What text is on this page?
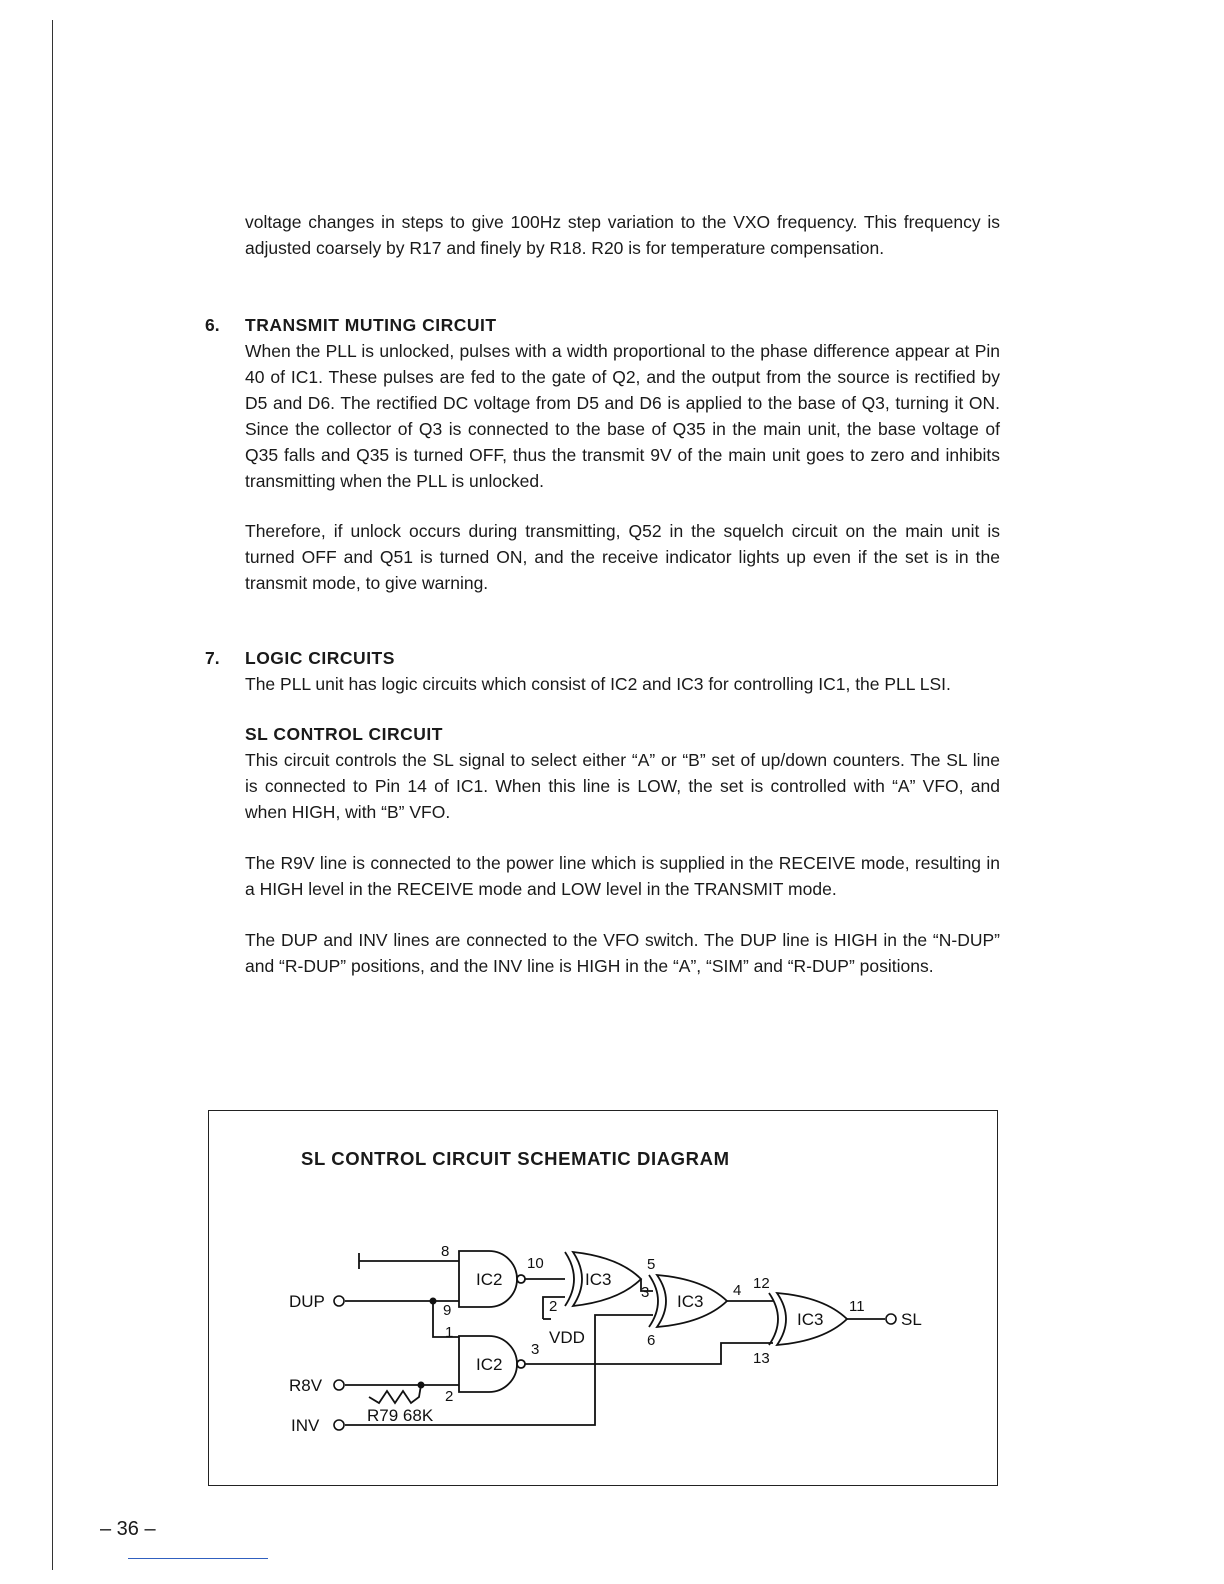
voltage changes in steps to give 100Hz step variation to the VXO frequency. This frequency is adjusted coarsely by R17 and finely by R18. R20 is for temperature compensation.

6. TRANSMIT MUTING CIRCUIT

When the PLL is unlocked, pulses with a width proportional to the phase difference appear at Pin 40 of IC1. These pulses are fed to the gate of Q2, and the output from the source is rectified by D5 and D6. The rectified DC voltage from D5 and D6 is applied to the base of Q3, turning it ON. Since the collector of Q3 is connected to the base of Q35 in the main unit, the base voltage of Q35 falls and Q35 is turned OFF, thus the transmit 9V of the main unit goes to zero and inhibits transmitting when the PLL is unlocked.

Therefore, if unlock occurs during transmitting, Q52 in the squelch circuit on the main unit is turned OFF and Q51 is turned ON, and the receive indicator lights up even if the set is in the transmit mode, to give warning.

7. LOGIC CIRCUITS

The PLL unit has logic circuits which consist of IC2 and IC3 for controlling IC1, the PLL LSI.

SL CONTROL CIRCUIT

This circuit controls the SL signal to select either “A” or “B” set of up/down counters. The SL line is connected to Pin 14 of IC1. When this line is LOW, the set is controlled with “A” VFO, and when HIGH, with “B” VFO.

The R9V line is connected to the power line which is supplied in the RECEIVE mode, resulting in a HIGH level in the RECEIVE mode and LOW level in the TRANSMIT mode.

The DUP and INV lines are connected to the VFO switch. The DUP line is HIGH in the “N-DUP” and “R-DUP” positions, and the INV line is HIGH in the “A”, “SIM” and “R-DUP” positions.

SL CONTROL CIRCUIT SCHEMATIC DIAGRAM
IC2
IC2
IC3
IC3
IC3
DUP
R8V
INV
SL
R79 68K
VDD
8
9
1
2
10
3
2
3
5
6
4 12
13
11
– 36 –
